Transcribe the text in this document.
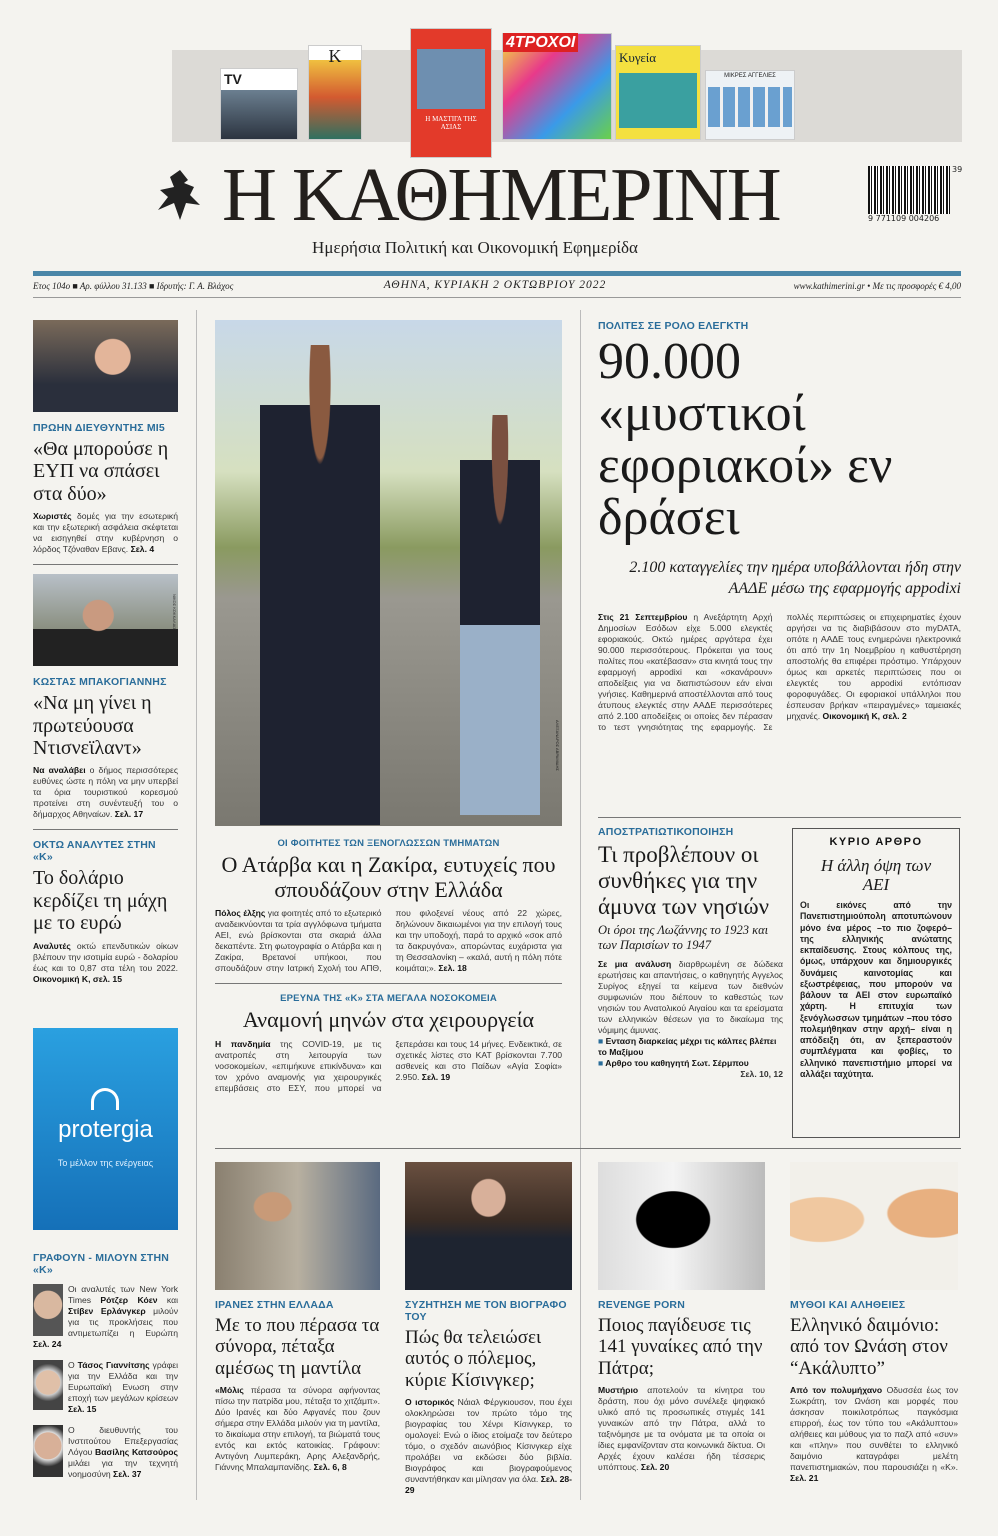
TV
K
Η ΜΑΣΤΙΓΑ ΤΗΣ ΑΣΙΑΣ
4ΤΡΟΧΟΙ
Κυγεία
ΜΙΚΡΕΣ ΑΓΓΕΛΙΕΣ
Η ΚΑΘΗΜΕΡΙΝΗ	9 771109 004206
39
Ημερήσια Πολιτική και Οικονομική Εφημερίδα
Ετος 104ο ■ Αρ. φύλλου 31.133 ■ Ιδρυτής: Γ. Α. Βλάχος	ΑΘΗΝΑ, ΚΥΡΙΑΚΗ 2 ΟΚΤΩΒΡΙΟΥ 2022	www.kathimerini.gr • Με τις προσφορές € 4,00
ΠΡΩΗΝ ΔΙΕΥΘΥΝΤΗΣ ΜΙ5
«Θα μπορούσε η ΕΥΠ να σπάσει στα δύο»
Χωριστές δομές για την εσωτερική και την εξωτερική ασφάλεια σκέφτεται να εισηγηθεί στην κυβέρνηση ο λόρδος Τζόναθαν Εβανς. Σελ. 4
ΝΙΚΟΣ ΚΟΚΚΑΛΙΑΣ
ΚΩΣΤΑΣ ΜΠΑΚΟΓΙΑΝΝΗΣ
«Να μη γίνει η πρωτεύουσα Ντισνεϊλαντ»
Να αναλάβει ο δήμος περισσότερες ευθύνες ώστε η πόλη να μην υπερβεί τα όρια τουριστικού κορεσμού προτείνει στη συνέντευξή του ο δήμαρχος Αθηναίων. Σελ. 17
ΟΚΤΩ ΑΝΑΛΥΤΕΣ ΣΤΗΝ «Κ»
Το δολάριο κερδίζει τη μάχη με το ευρώ
Αναλυτές οκτώ επενδυτικών οίκων βλέπουν την ισοτιμία ευρώ - δολαρίου έως και το 0,87 στα τέλη του 2022. Οικονομική Κ, σελ. 15
protergia
Το μέλλον της ενέργειας
ΓΡΑΦΟΥΝ - ΜΙΛΟΥΝ ΣΤΗΝ «Κ»
Οι αναλυτές των New York Times Ρότζερ Κόεν και Στίβεν Ερλάνγκερ μιλούν για τις προκλήσεις που αντιμετωπίζει η Ευρώπη Σελ. 24
Ο Τάσος Γιαννίτσης γράφει για την Ελλάδα και την Ευρωπαϊκή Ενωση στην εποχή των μεγάλων κρίσεων Σελ. 15
Ο διευθυντής του Ινστιτούτου Επεξεργασίας Λόγου Βασίλης Κατσούρος μιλάει για την τεχνητή νοημοσύνη Σελ. 37
ΑΛΕΞΑΝΔΡΟΣ ΑΒΡΑΜΙΔΗΣ
ΟΙ ΦΟΙΤΗΤΕΣ ΤΩΝ ΞΕΝΟΓΛΩΣΣΩΝ ΤΜΗΜΑΤΩΝ
Ο Ατάρβα και η Ζακίρα, ευτυχείς που σπουδάζουν στην Ελλάδα
Πόλος έλξης για φοιτητές από το εξωτερικό αναδεικνύονται τα τρία αγγλόφωνα τμήματα ΑΕΙ, ενώ βρίσκονται στα σκαριά άλλα δεκαπέντε. Στη φωτογραφία ο Ατάρβα και η Ζακίρα, Βρετανοί υπήκοοι, που σπουδάζουν στην Ιατρική Σχολή του ΑΠΘ, που φιλοξενεί νέους από 22 χώρες, δηλώνουν δικαιωμένοι για την επιλογή τους και την υποδοχή, παρά το αρχικό «σοκ από τα δακρυγόνα», απορώντας ευχάριστα για τη Θεσσαλονίκη – «καλά, αυτή η πόλη πότε κοιμάται;». Σελ. 18
ΕΡΕΥΝΑ ΤΗΣ «Κ» ΣΤΑ ΜΕΓΑΛΑ ΝΟΣΟΚΟΜΕΙΑ
Αναμονή μηνών στα χειρουργεία
Η πανδημία της COVID-19, με τις ανατροπές στη λειτουργία των νοσοκομείων, «επιμήκυνε επικίνδυνα» και τον χρόνο αναμονής για χειρουργικές επεμβάσεις στο ΕΣΥ, που μπορεί να ξεπεράσει και τους 14 μήνες. Ενδεικτικά, σε σχετικές λίστες στο ΚΑΤ βρίσκονται 7.700 ασθενείς και στο Παίδων «Αγία Σοφία» 2.950. Σελ. 19
ΠΟΛΙΤΕΣ ΣΕ ΡΟΛΟ ΕΛΕΓΚΤΗ
90.000 «μυστικοί εφοριακοί» εν δράσει
2.100 καταγγελίες την ημέρα υποβάλλονται ήδη στην ΑΑΔΕ μέσω της εφαρμογής appodixi
Στις 21 Σεπτεμβρίου η Ανεξάρτητη Αρχή Δημοσίων Εσόδων είχε 5.000 ελεγκτές εφοριακούς. Οκτώ ημέρες αργότερα έχει 90.000 περισσότερους. Πρόκειται για τους πολίτες που «κατέβασαν» στα κινητά τους την εφαρμογή appodixi και «σκανάρουν» αποδείξεις για να διαπιστώσουν εάν είναι γνήσιες. Καθημερινά αποστέλλονται από τους άτυπους ελεγκτές στην ΑΑΔΕ περισσότερες από 2.100 αποδείξεις οι οποίες δεν πέρασαν το τεστ γνησιότητας της εφαρμογής. Σε πολλές περιπτώσεις οι επιχειρηματίες έχουν αργήσει να τις διαβιβάσουν στο myDATA, οπότε η ΑΑΔΕ τους ενημερώνει ηλεκτρονικά ότι από την 1η Νοεμβρίου η καθυστέρηση αποστολής θα επιφέρει πρόστιμο. Υπάρχουν όμως και αρκετές περιπτώσεις που οι ελεγκτές του appodixi εντόπισαν φοροφυγάδες. Οι εφοριακοί υπάλληλοι που έσπευσαν βρήκαν «πειραγμένες» ταμειακές μηχανές. Οικονομική Κ, σελ. 2
ΑΠΟΣΤΡΑΤΙΩΤΙΚΟΠΟΙΗΣΗ
Τι προβλέπουν οι συνθήκες για την άμυνα των νησιών
Οι όροι της Λωζάννης το 1923 και των Παρισίων το 1947
Σε μια ανάλυση διαρθρωμένη σε δώδεκα ερωτήσεις και απαντήσεις, ο καθηγητής Αγγελος Συρίγος εξηγεί τα κείμενα των διεθνών συμφωνιών που διέπουν το καθεστώς των νησιών του Ανατολικού Αιγαίου και τα ερείσματα των ελληνικών θέσεων για το δικαίωμα της νόμιμης άμυνας.
■ Ενταση διαρκείας μέχρι τις κάλπες βλέπει το Μαξίμου
■ Αρθρο του καθηγητή Σωτ. Σέρμπου
Σελ. 10, 12
ΚΥΡΙΟ ΑΡΘΡΟ
Η άλλη όψη των ΑΕΙ
Οι εικόνες από την Πανεπιστημιούπολη αποτυπώνουν μόνο ένα μέρος –το πιο ζοφερό– της ελληνικής ανώτατης εκπαίδευσης. Στους κόλπους της, όμως, υπάρχουν και δημιουργικές δυνάμεις καινοτομίας και εξωστρέφειας, που μπορούν να βάλουν τα ΑΕΙ στον ευρωπαϊκό χάρτη. Η επιτυχία των ξενόγλωσσων τμημάτων –που τόσο πολεμήθηκαν στην αρχή– είναι η απόδειξη ότι, αν ξεπεραστούν συμπλέγματα και φοβίες, το ελληνικό πανεπιστήμιο μπορεί να αλλάξει ταχύτητα.
ΙΡΑΝΕΣ ΣΤΗΝ ΕΛΛΑΔΑ
Με το που πέρασα τα σύνορα, πέταξα αμέσως τη μαντίλα
«Μόλις πέρασα τα σύνορα αφήνοντας πίσω την πατρίδα μου, πέταξα το χιτζάμπ». Δύο Ιρανές και δύο Αφγανές που ζουν σήμερα στην Ελλάδα μιλούν για τη μαντίλα, το δικαίωμα στην επιλογή, τα βιώματά τους εντός και εκτός κατοικίας. Γράφουν: Αντιγόνη Λυμπεράκη, Αρης Αλεξανδρής, Γιάννης Μπαλαμπανίδης. Σελ. 6, 8
ΣΥΖΗΤΗΣΗ ΜΕ ΤΟΝ ΒΙΟΓΡΑΦΟ ΤΟΥ
Πώς θα τελειώσει αυτός ο πόλεμος, κύριε Κίσινγκερ;
Ο ιστορικός Νάιαλ Φέργκιουσον, που έχει ολοκληρώσει τον πρώτο τόμο της βιογραφίας του Χένρι Κίσινγκερ, το ομολογεί: Ενώ ο ίδιος ετοίμαζε τον δεύτερο τόμο, ο σχεδόν αιωνόβιος Κίσινγκερ είχε προλάβει να εκδώσει δύο βιβλία. Βιογράφος και βιογραφούμενος συναντήθηκαν και μίλησαν για όλα. Σελ. 28-29
REVENGE PORN
Ποιος παγίδευσε τις 141 γυναίκες από την Πάτρα;
Μυστήριο αποτελούν τα κίνητρα του δράστη, που όχι μόνο συνέλεξε ψηφιακό υλικό από τις προσωπικές στιγμές 141 γυναικών από την Πάτρα, αλλά το ταξινόμησε με τα ονόματα με τα οποία οι ίδιες εμφανίζονταν στα κοινωνικά δίκτυα. Οι Αρχές έχουν καλέσει ήδη τέσσερις υπόπτους. Σελ. 20
ΜΥΘΟΙ ΚΑΙ ΑΛΗΘΕΙΕΣ
Ελληνικό δαιμόνιο: από τον Ωνάση στον “Ακάλυπτο”
Από τον πολυμήχανο Οδυσσέα έως τον Σωκράτη, τον Ωνάση και μορφές που άσκησαν ποικιλοτρόπως παγκόσμια επιρροή, έως τον τύπο του «Ακάλυπτου» αλήθειες και μύθους για το παζλ από «συν» και «πλην» που συνθέτει το ελληνικό δαιμόνιο καταγράφει μελέτη πανεπιστημιακών, που παρουσιάζει η «Κ». Σελ. 21
